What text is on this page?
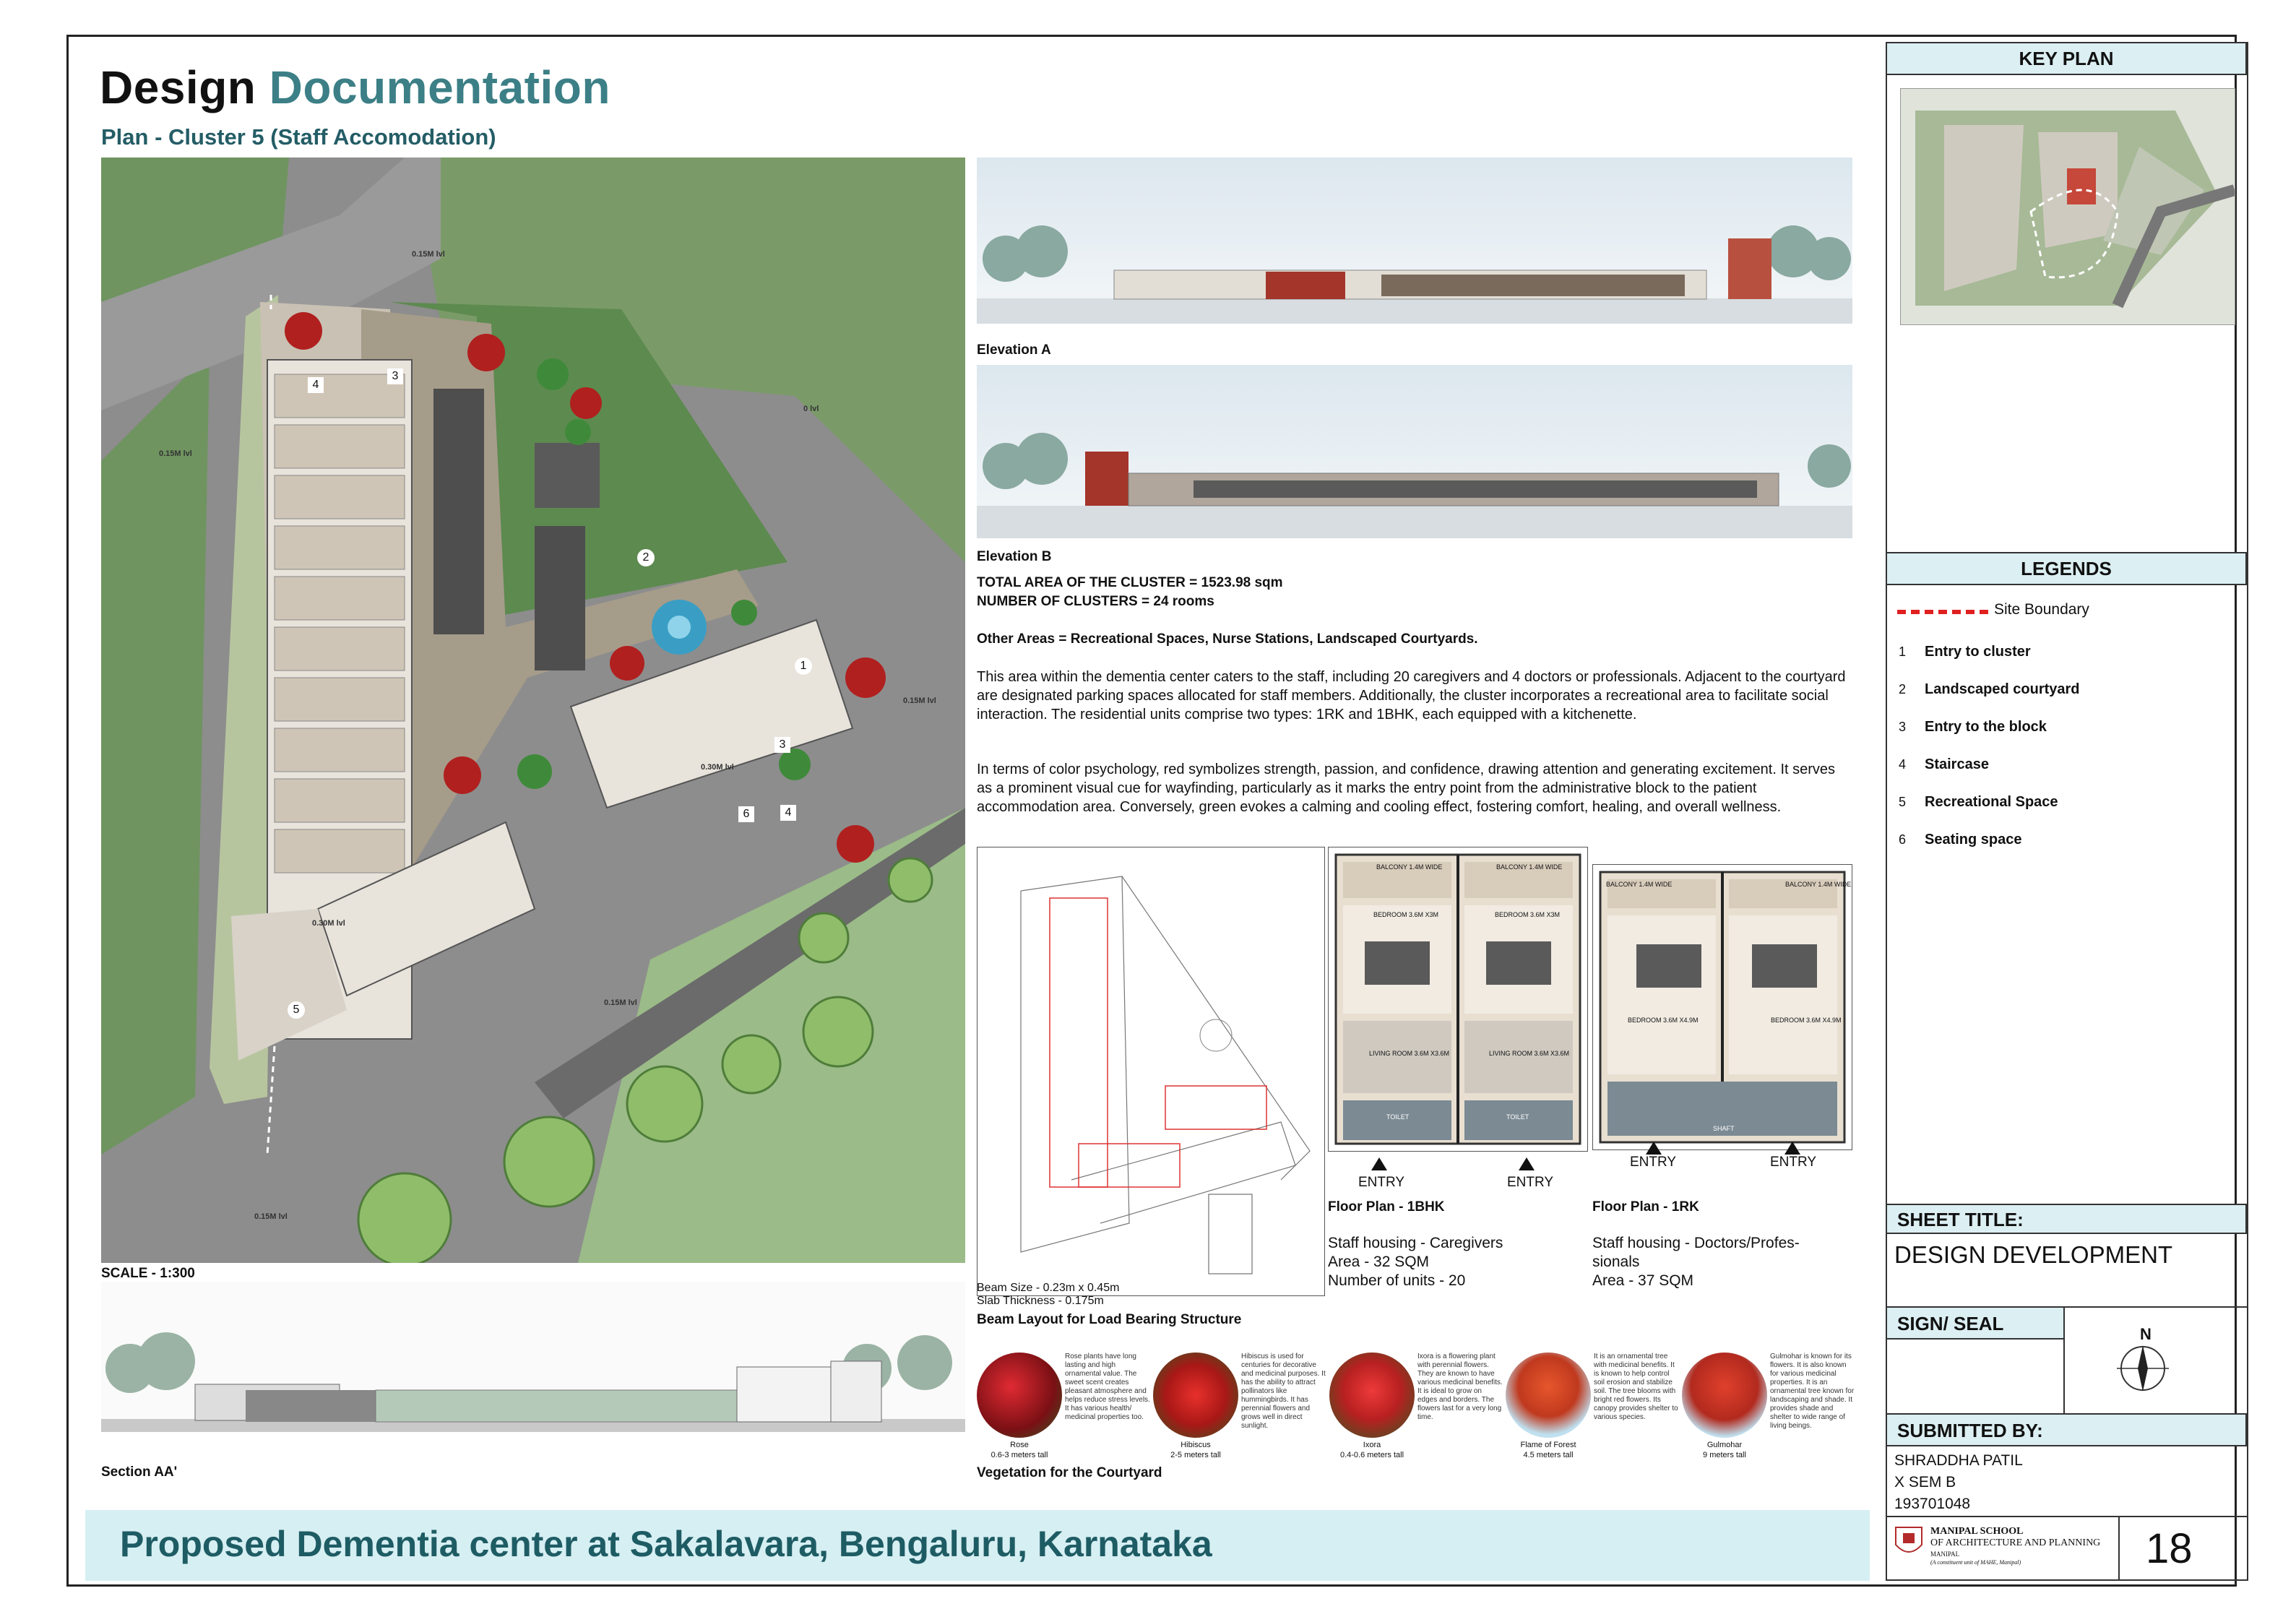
Design Documentation
Plan - Cluster 5 (Staff Accomodation)
0.15M lvl
0.15M lvl
0 lvl
0.15M lvl
0.30M lvl
0.30M lvl
0.15M lvl
0.15M lvl
1
2
3
3
4
4
5
6
SCALE - 1:300
Section AA'
Elevation A
Elevation B
TOTAL AREA OF THE CLUSTER = 1523.98 sqm
NUMBER OF CLUSTERS = 24 rooms
Other Areas = Recreational Spaces, Nurse Stations, Landscaped Courtyards.
This area within the dementia center caters to the staff, including 20 caregivers and 4 doctors or professionals. Adjacent to the courtyard are designated parking spaces allocated for staff members. Additionally, the cluster incorporates a recreational area to facilitate social interaction. The residential units comprise two types: 1RK and 1BHK, each equipped with a kitchenette.
In terms of color psychology, red symbolizes strength, passion, and confidence, drawing attention and generating excitement. It serves as a prominent visual cue for wayfinding, particularly as it marks the entry point from the administrative block to the patient accommodation area. Conversely, green evokes a calming and cooling effect, fostering comfort, healing, and overall wellness.
Beam Size - 0.23m x 0.45m
Slab Thickness - 0.175m
Beam Layout for Load Bearing Structure
BALCONY 1.4M WIDE	BALCONY 1.4M WIDE
BEDROOM 3.6M X3M	BEDROOM 3.6M X3M
LIVING ROOM 3.6M X3.6M	LIVING ROOM 3.6M X3.6M
TOILET	TOILET
ENTRY	ENTRY
Floor Plan - 1BHK
Staff housing - Caregivers
Area - 32 SQM
Number of units - 20
BALCONY 1.4M WIDE	BALCONY 1.4M WIDE
BEDROOM 3.6M X4.9M	BEDROOM 3.6M X4.9M
SHAFT
ENTRY	ENTRY
Floor Plan - 1RK
Staff housing - Doctors/Profes-
sionals
Area - 37 SQM
Rose plants have long lasting and high ornamental value. The sweet scent creates pleasant atmosphere and helps reduce stress levels. It has various health/ medicinal properties too.
Rose
0.6-3 meters tall
Hibiscus is used for centuries for decorative and medicinal purposes. It has the ability to attract pollinators like hummingbirds. It has perennial flowers and grows well in direct sunlight.
Hibiscus
2-5 meters tall
Ixora is a flowering plant with perennial flowers. They are known to have various medicinal benefits. It is ideal to grow on edges and borders. The flowers last for a very long time.
Ixora
0.4-0.6 meters tall
It is an ornamental tree with medicinal benefits. It is known to help control soil erosion and stabilize soil. The tree blooms with bright red flowers. Its canopy provides shelter to various species.
Flame of Forest
4.5 meters tall
Gulmohar is known for its flowers. It is also known for various medicinal properties. It is an ornamental tree known for landscaping and shade. It provides shade and shelter to wide range of living beings.
Gulmohar
9 meters tall
Vegetation for the Courtyard
Proposed Dementia center at Sakalavara, Bengaluru, Karnataka
KEY PLAN
LEGENDS
Site Boundary
1	Entry to cluster
2	Landscaped courtyard
3	Entry to the block
4	Staircase
5	Recreational Space
6	Seating space
SHEET TITLE:
DESIGN DEVELOPMENT
SIGN/ SEAL	N
SUBMITTED BY:
SHRADDHA PATIL
X SEM B
193701048
MANIPAL SCHOOL
OF ARCHITECTURE AND PLANNING
MANIPAL
(A constituent unit of MAHE, Manipal)	18
